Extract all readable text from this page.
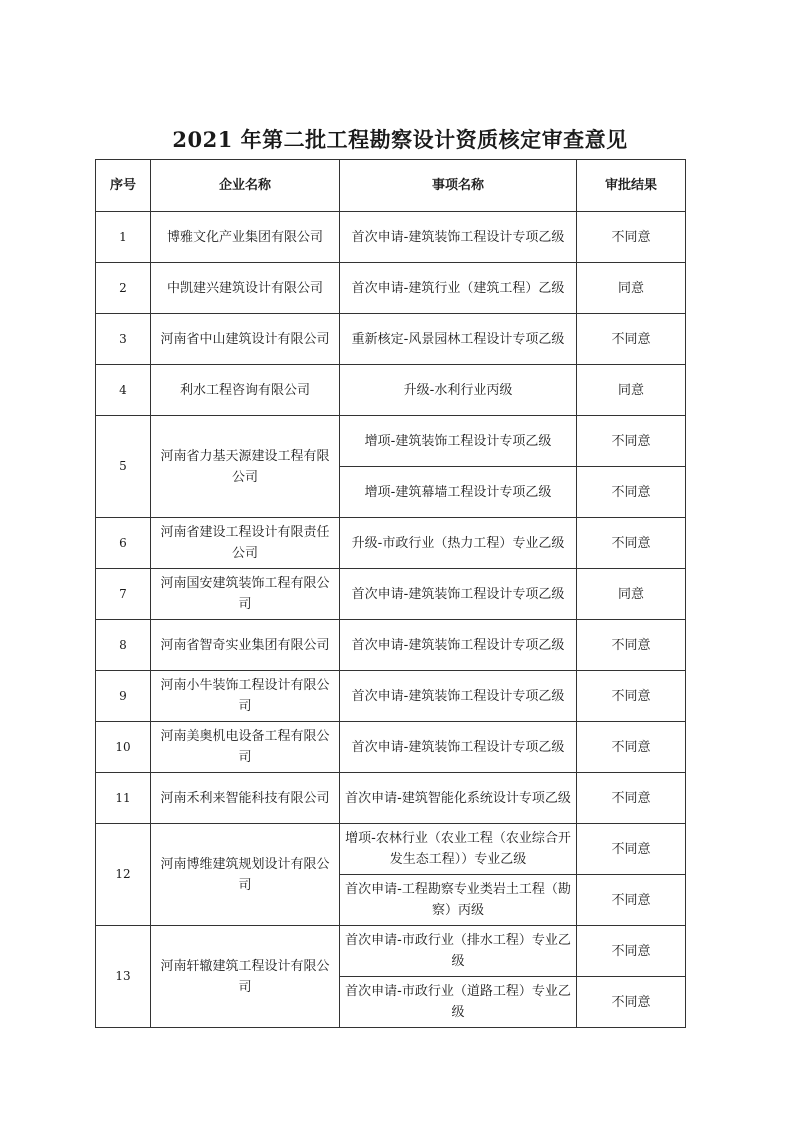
2021 年第二批工程勘察设计资质核定审查意见
序号	企业名称	事项名称	审批结果
1	博雅文化产业集团有限公司	首次申请-建筑装饰工程设计专项乙级	不同意
2	中凯建兴建筑设计有限公司	首次申请-建筑行业（建筑工程）乙级	同意
3	河南省中山建筑设计有限公司	重新核定-风景园林工程设计专项乙级	不同意
4	利水工程咨询有限公司	升级-水利行业丙级	同意
5	河南省力基天源建设工程有限公司	增项-建筑装饰工程设计专项乙级	不同意
		增项-建筑幕墙工程设计专项乙级	不同意
6	河南省建设工程设计有限责任公司	升级-市政行业（热力工程）专业乙级	不同意
7	河南国安建筑装饰工程有限公司	首次申请-建筑装饰工程设计专项乙级	同意
8	河南省智奇实业集团有限公司	首次申请-建筑装饰工程设计专项乙级	不同意
9	河南小牛装饰工程设计有限公司	首次申请-建筑装饰工程设计专项乙级	不同意
10	河南美奥机电设备工程有限公司	首次申请-建筑装饰工程设计专项乙级	不同意
11	河南禾利来智能科技有限公司	首次申请-建筑智能化系统设计专项乙级	不同意
12	河南博维建筑规划设计有限公司	增项-农林行业（农业工程（农业综合开发生态工程））专业乙级	不同意
		首次申请-工程勘察专业类岩土工程（勘察）丙级	不同意
13	河南轩辙建筑工程设计有限公司	首次申请-市政行业（排水工程）专业乙级	不同意
		首次申请-市政行业（道路工程）专业乙级	不同意
